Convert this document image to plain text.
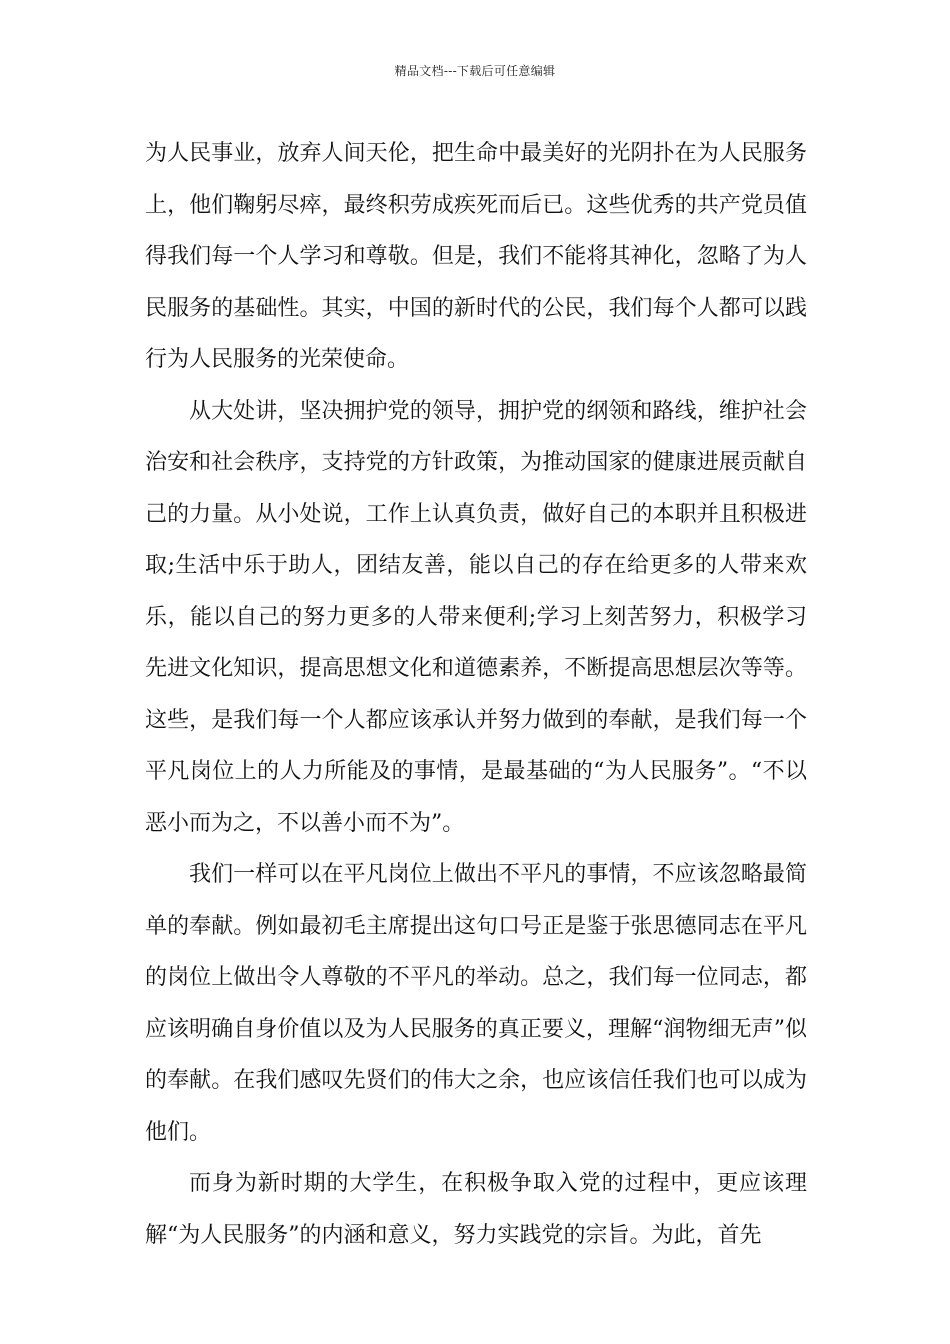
精品文档---下载后可任意编辑

为人民事业，放弃人间天伦，把生命中最美好的光阴扑在为人民服务上，他们鞠躬尽瘁，最终积劳成疾死而后已。这些优秀的共产党员值得我们每一个人学习和尊敬。但是，我们不能将其神化，忽略了为人民服务的基础性。其实，中国的新时代的公民，我们每个人都可以践行为人民服务的光荣使命。

从大处讲，坚决拥护党的领导，拥护党的纲领和路线，维护社会治安和社会秩序，支持党的方针政策，为推动国家的健康进展贡献自己的力量。从小处说，工作上认真负责，做好自己的本职并且积极进取;生活中乐于助人，团结友善，能以自己的存在给更多的人带来欢乐，能以自己的努力更多的人带来便利;学习上刻苦努力，积极学习先进文化知识，提高思想文化和道德素养，不断提高思想层次等等。这些，是我们每一个人都应该承认并努力做到的奉献，是我们每一个平凡岗位上的人力所能及的事情，是最基础的“为人民服务”。“不以恶小而为之，不以善小而不为”。

我们一样可以在平凡岗位上做出不平凡的事情，不应该忽略最简单的奉献。例如最初毛主席提出这句口号正是鉴于张思德同志在平凡的岗位上做出令人尊敬的不平凡的举动。总之，我们每一位同志，都应该明确自身价值以及为人民服务的真正要义，理解“润物细无声”似的奉献。在我们感叹先贤们的伟大之余，也应该信任我们也可以成为他们。

而身为新时期的大学生，在积极争取入党的过程中，更应该理解“为人民服务”的内涵和意义，努力实践党的宗旨。为此，首先
